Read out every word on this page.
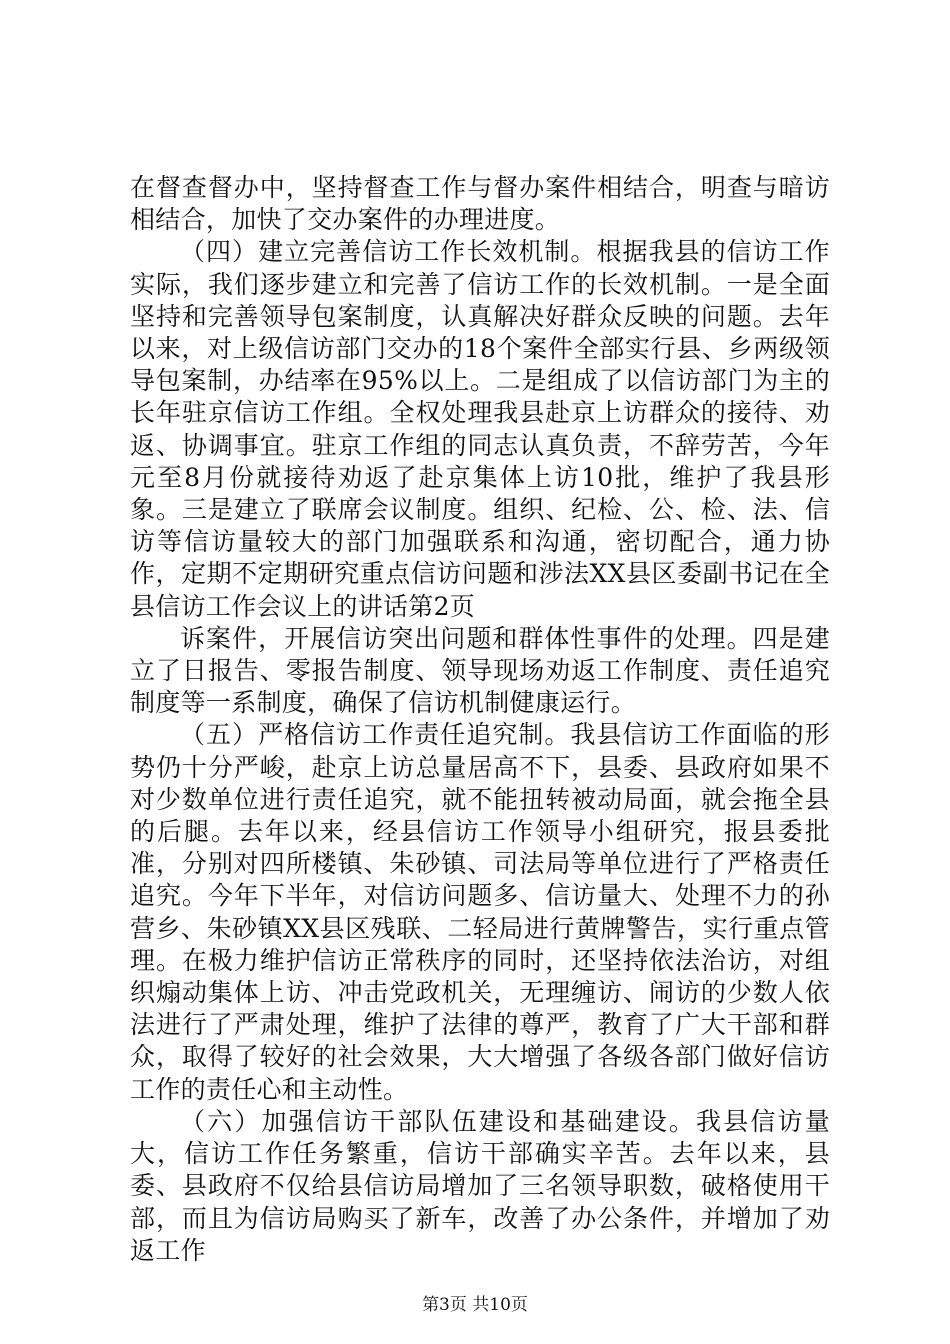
在督查督办中，坚持督查工作与督办案件相结合，明查与暗访相结合，加快了交办案件的办理进度。

（四）建立完善信访工作长效机制。根据我县的信访工作实际，我们逐步建立和完善了信访工作的长效机制。一是全面坚持和完善领导包案制度，认真解决好群众反映的问题。去年以来，对上级信访部门交办的18个案件全部实行县、乡两级领导包案制，办结率在95%以上。二是组成了以信访部门为主的长年驻京信访工作组。全权处理我县赴京上访群众的接待、劝返、协调事宜。驻京工作组的同志认真负责，不辞劳苦，今年元至8月份就接待劝返了赴京集体上访10批，维护了我县形象。三是建立了联席会议制度。组织、纪检、公、检、法、信访等信访量较大的部门加强联系和沟通，密切配合，通力协作，定期不定期研究重点信访问题和涉法XX县区委副书记在全县信访工作会议上的讲话第2页

诉案件，开展信访突出问题和群体性事件的处理。四是建立了日报告、零报告制度、领导现场劝返工作制度、责任追究制度等一系制度，确保了信访机制健康运行。

（五）严格信访工作责任追究制。我县信访工作面临的形势仍十分严峻，赴京上访总量居高不下，县委、县政府如果不对少数单位进行责任追究，就不能扭转被动局面，就会拖全县的后腿。去年以来，经县信访工作领导小组研究，报县委批准，分别对四所楼镇、朱砂镇、司法局等单位进行了严格责任追究。今年下半年，对信访问题多、信访量大、处理不力的孙营乡、朱砂镇XX县区残联、二轻局进行黄牌警告，实行重点管理。在极力维护信访正常秩序的同时，还坚持依法治访，对组织煽动集体上访、冲击党政机关，无理缠访、闹访的少数人依法进行了严肃处理，维护了法律的尊严，教育了广大干部和群众，取得了较好的社会效果，大大增强了各级各部门做好信访工作的责任心和主动性。

（六）加强信访干部队伍建设和基础建设。我县信访量大，信访工作任务繁重，信访干部确实辛苦。去年以来，县委、县政府不仅给县信访局增加了三名领导职数，破格使用干部，而且为信访局购买了新车，改善了办公条件，并增加了劝返工作

第3页 共10页
